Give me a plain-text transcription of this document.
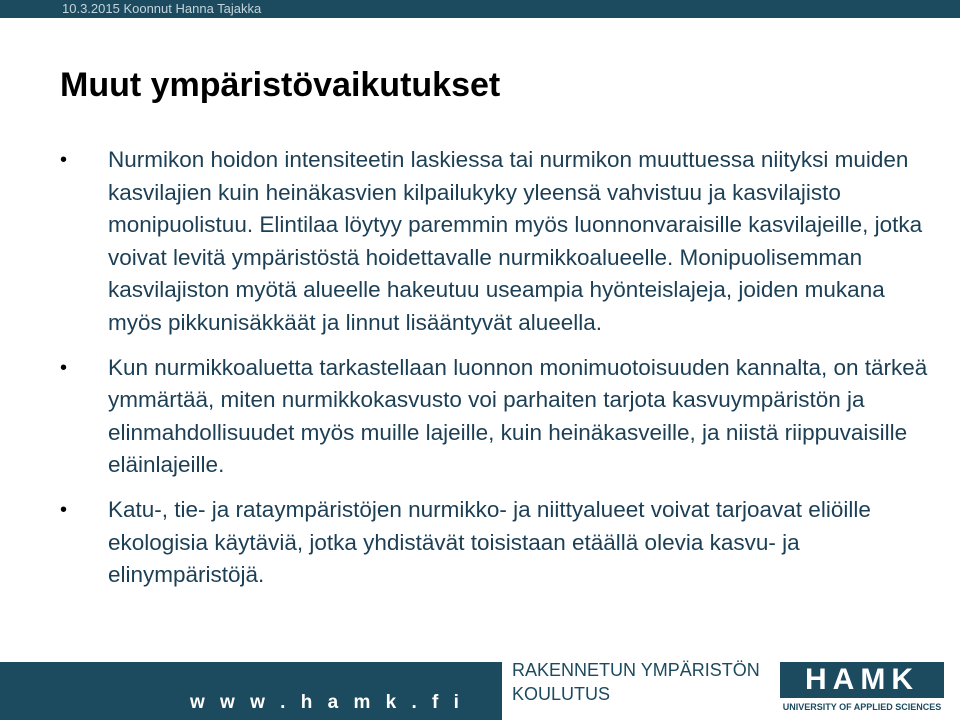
10.3.2015 Koonnut Hanna Tajakka
Muut ympäristövaikutukset
• Nurmikon hoidon intensiteetin laskiessa tai nurmikon muuttuessa niityksi muiden kasvilajien kuin heinäkasvien kilpailukyky yleensä vahvistuu ja kasvilajisto monipuolistuu. Elintilaa löytyy paremmin myös luonnonvaraisille kasvilajeille, jotka voivat levitä ympäristöstä hoidettavalle nurmikkoalueelle. Monipuolisemman kasvilajiston myötä alueelle hakeutuu useampia hyönteislajeja, joiden mukana myös pikkunisäkkäät ja linnut lisääntyvät alueella.
• Kun nurmikkoaluetta tarkastellaan luonnon monimuotoisuuden kannalta, on tärkeä ymmärtää, miten nurmikkokasvusto voi parhaiten tarjota kasvuympäristön ja elinmahdollisuudet myös muille lajeille, kuin heinäkasveille, ja niistä riippuvaisille eläinlajeille.
• Katu-, tie- ja rataympäristöjen nurmikko- ja niittyalueet voivat tarjoavat eliöille ekologisia käytäviä, jotka yhdistävät toisistaan etäällä olevia kasvu- ja elinympäristöjä.
w w w . h a m k . f i
RAKENNETUN YMPÄRISTÖN
KOULUTUS	HAMK
UNIVERSITY OF APPLIED SCIENCES
